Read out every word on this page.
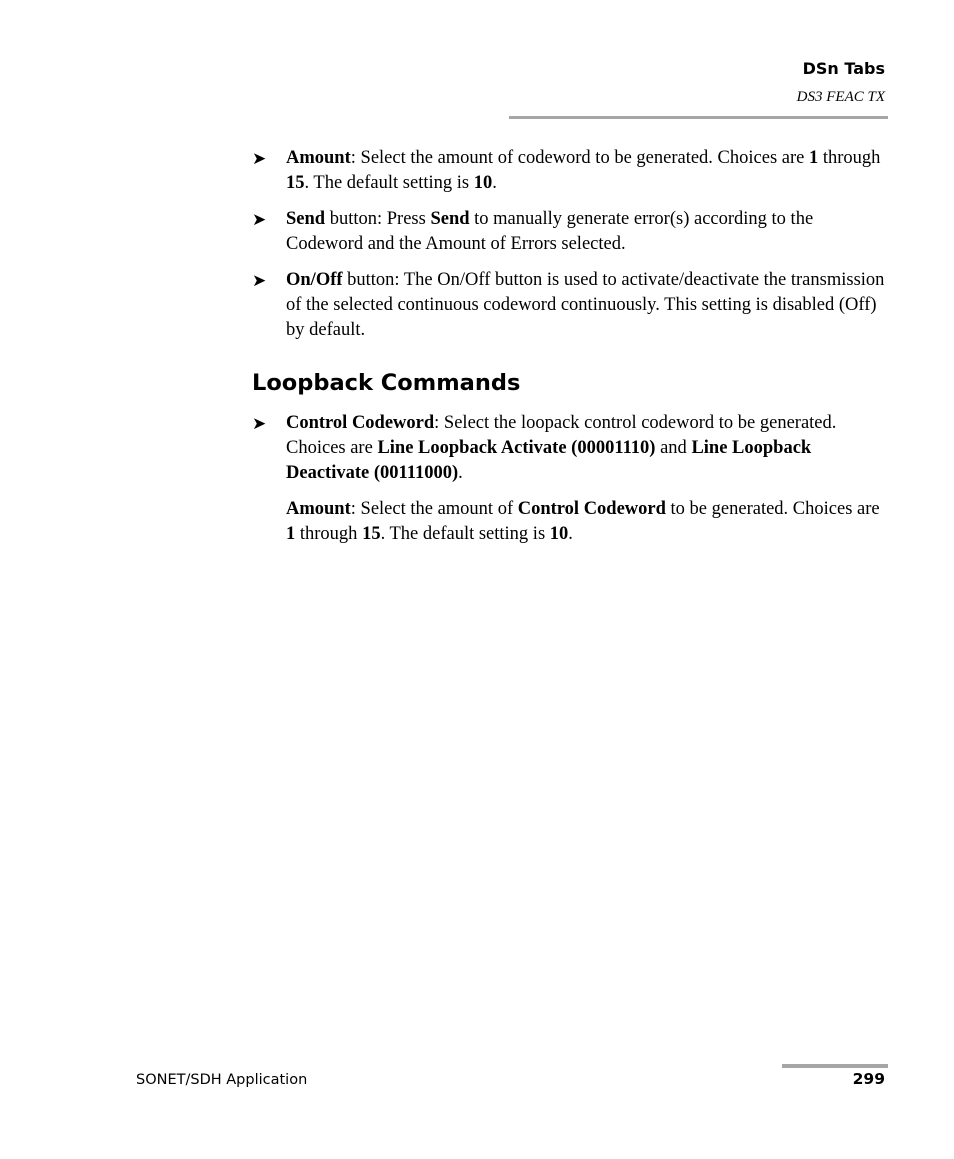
DSn Tabs
DS3 FEAC TX
➤ Amount: Select the amount of codeword to be generated. Choices are 1 through 15. The default setting is 10.
➤ Send button: Press Send to manually generate error(s) according to the Codeword and the Amount of Errors selected.
➤ On/Off button: The On/Off button is used to activate/deactivate the transmission of the selected continuous codeword continuously. This setting is disabled (Off) by default.
Loopback Commands
➤ Control Codeword: Select the loopack control codeword to be generated. Choices are Line Loopback Activate (00001110) and Line Loopback Deactivate (00111000).
Amount: Select the amount of Control Codeword to be generated. Choices are 1 through 15. The default setting is 10.
SONET/SDH Application	299
